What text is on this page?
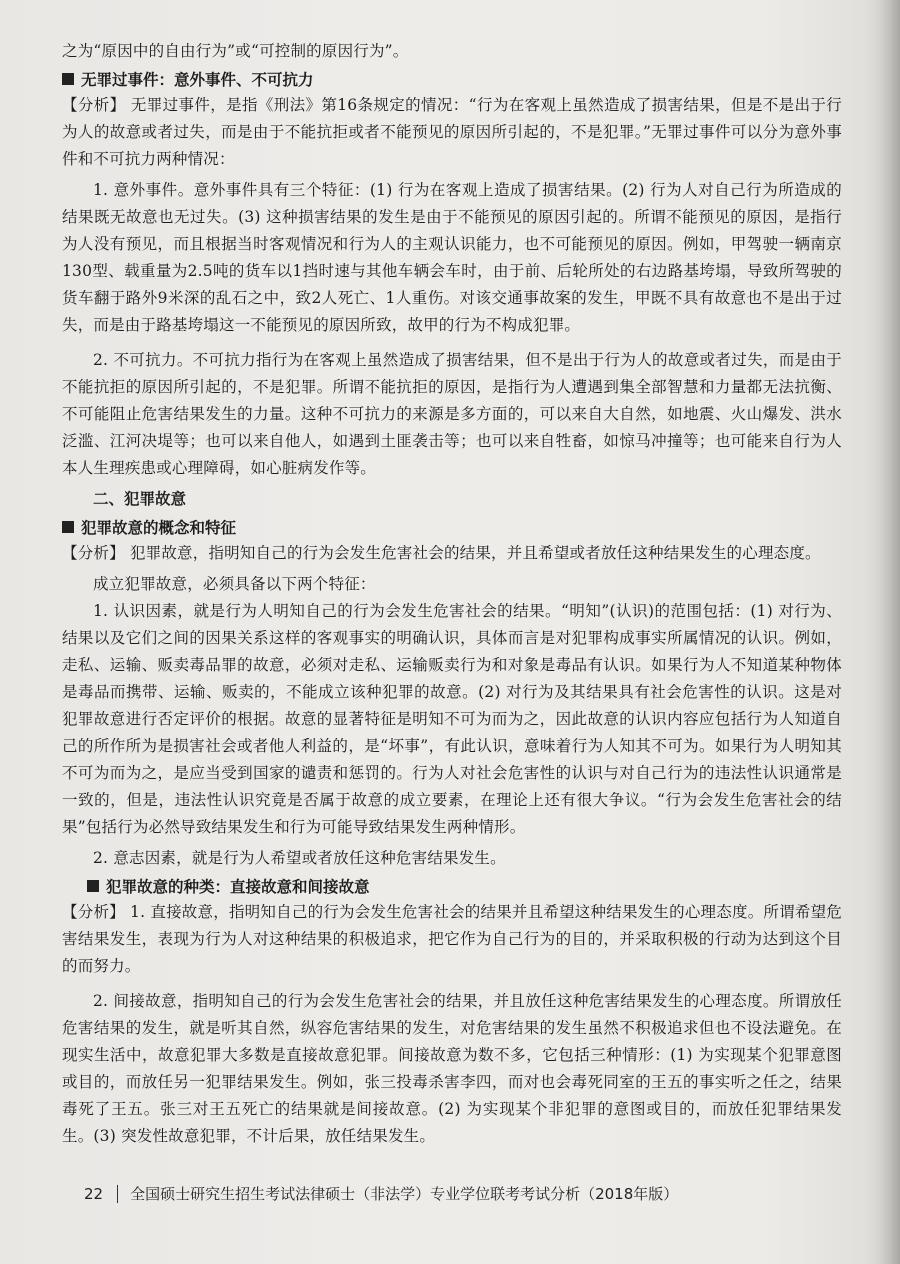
之为“原因中的自由行为”或“可控制的原因行为”。

无罪过事件：意外事件、不可抗力

【分析】 无罪过事件，是指《刑法》第16条规定的情况：“行为在客观上虽然造成了损害结果，但是不是出于行为人的故意或者过失，而是由于不能抗拒或者不能预见的原因所引起的，不是犯罪。”无罪过事件可以分为意外事件和不可抗力两种情况：

1. 意外事件。意外事件具有三个特征：(1) 行为在客观上造成了损害结果。(2) 行为人对自己行为所造成的结果既无故意也无过失。(3) 这种损害结果的发生是由于不能预见的原因引起的。所谓不能预见的原因，是指行为人没有预见，而且根据当时客观情况和行为人的主观认识能力，也不可能预见的原因。例如，甲驾驶一辆南京130型、载重量为2.5吨的货车以1挡时速与其他车辆会车时，由于前、后轮所处的右边路基垮塌，导致所驾驶的货车翻于路外9米深的乱石之中，致2人死亡、1人重伤。对该交通事故案的发生，甲既不具有故意也不是出于过失，而是由于路基垮塌这一不能预见的原因所致，故甲的行为不构成犯罪。

2. 不可抗力。不可抗力指行为在客观上虽然造成了损害结果，但不是出于行为人的故意或者过失，而是由于不能抗拒的原因所引起的，不是犯罪。所谓不能抗拒的原因，是指行为人遭遇到集全部智慧和力量都无法抗衡、不可能阻止危害结果发生的力量。这种不可抗力的来源是多方面的，可以来自大自然，如地震、火山爆发、洪水泛滥、江河决堤等；也可以来自他人，如遇到土匪袭击等；也可以来自牲畜，如惊马冲撞等；也可能来自行为人本人生理疾患或心理障碍，如心脏病发作等。

二、犯罪故意
犯罪故意的概念和特征

【分析】 犯罪故意，指明知自己的行为会发生危害社会的结果，并且希望或者放任这种结果发生的心理态度。

成立犯罪故意，必须具备以下两个特征：

1. 认识因素，就是行为人明知自己的行为会发生危害社会的结果。“明知”(认识)的范围包括：(1) 对行为、结果以及它们之间的因果关系这样的客观事实的明确认识，具体而言是对犯罪构成事实所属情况的认识。例如，走私、运输、贩卖毒品罪的故意，必须对走私、运输贩卖行为和对象是毒品有认识。如果行为人不知道某种物体是毒品而携带、运输、贩卖的，不能成立该种犯罪的故意。(2) 对行为及其结果具有社会危害性的认识。这是对犯罪故意进行否定评价的根据。故意的显著特征是明知不可为而为之，因此故意的认识内容应包括行为人知道自己的所作所为是损害社会或者他人利益的，是“坏事”，有此认识，意味着行为人知其不可为。如果行为人明知其不可为而为之，是应当受到国家的谴责和惩罚的。行为人对社会危害性的认识与对自己行为的违法性认识通常是一致的，但是，违法性认识究竟是否属于故意的成立要素，在理论上还有很大争议。“行为会发生危害社会的结果”包括行为必然导致结果发生和行为可能导致结果发生两种情形。

2. 意志因素，就是行为人希望或者放任这种危害结果发生。

犯罪故意的种类：直接故意和间接故意

【分析】 1. 直接故意，指明知自己的行为会发生危害社会的结果并且希望这种结果发生的心理态度。所谓希望危害结果发生，表现为行为人对这种结果的积极追求，把它作为自己行为的目的，并采取积极的行动为达到这个目的而努力。

2. 间接故意，指明知自己的行为会发生危害社会的结果，并且放任这种危害结果发生的心理态度。所谓放任危害结果的发生，就是听其自然，纵容危害结果的发生，对危害结果的发生虽然不积极追求但也不设法避免。在现实生活中，故意犯罪大多数是直接故意犯罪。间接故意为数不多，它包括三种情形：(1) 为实现某个犯罪意图或目的，而放任另一犯罪结果发生。例如，张三投毒杀害李四，而对也会毒死同室的王五的事实听之任之，结果毒死了王五。张三对王五死亡的结果就是间接故意。(2) 为实现某个非犯罪的意图或目的，而放任犯罪结果发生。(3) 突发性故意犯罪，不计后果，放任结果发生。

22 全国硕士研究生招生考试法律硕士（非法学）专业学位联考考试分析（2018年版）
